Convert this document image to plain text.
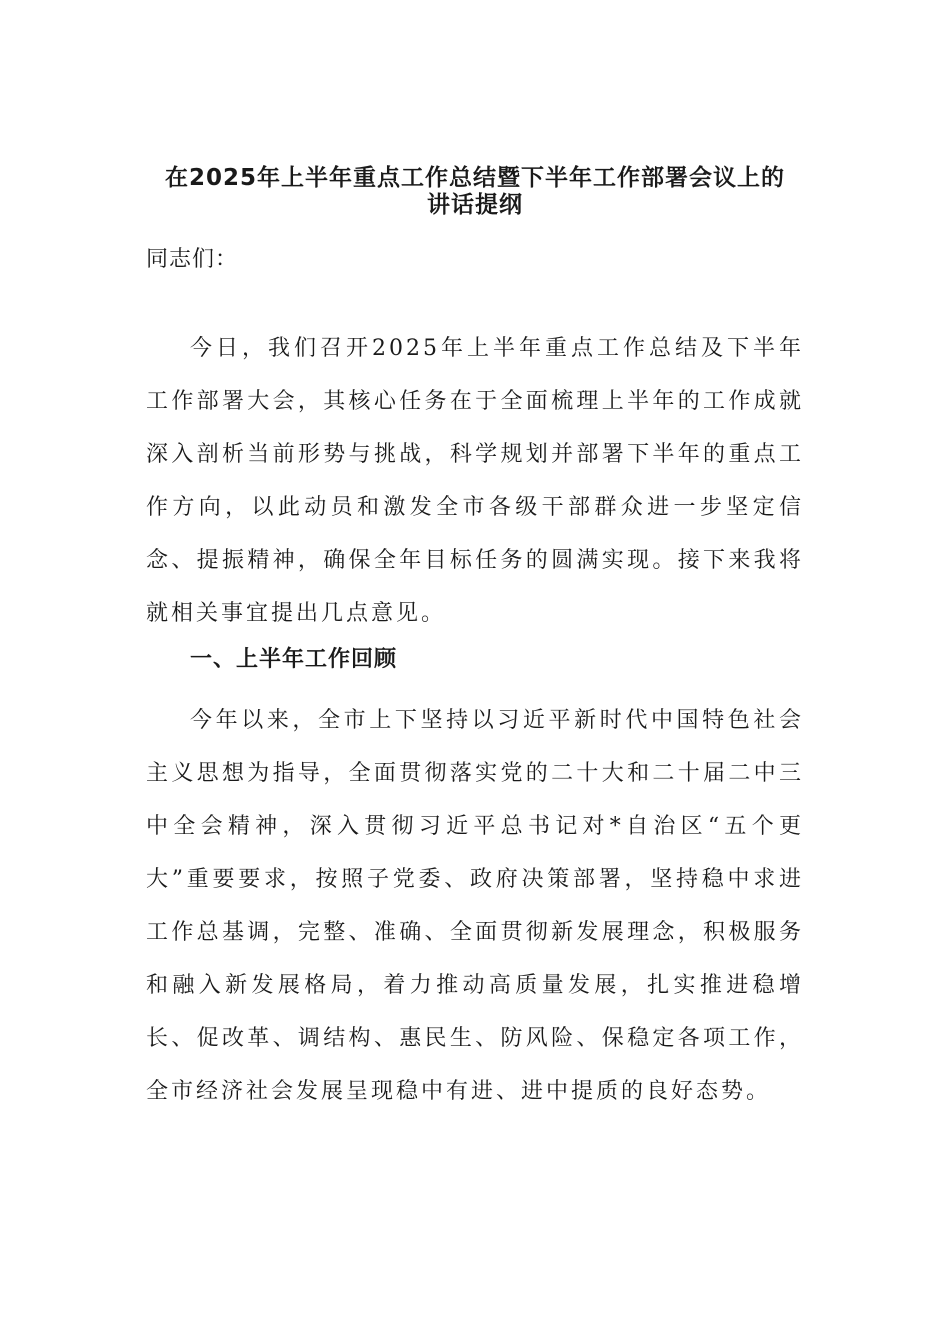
在2025年上半年重点工作总结暨下半年工作部署会议上的
讲话提纲
同志们：

今日，我们召开2025年上半年重点工作总结及下半年工作部署大会，其核心任务在于全面梳理上半年的工作成就深入剖析当前形势与挑战，科学规划并部署下半年的重点工作方向，以此动员和激发全市各级干部群众进一步坚定信念、提振精神，确保全年目标任务的圆满实现。接下来我将就相关事宜提出几点意见。

一、上半年工作回顾

今年以来，全市上下坚持以习近平新时代中国特色社会主义思想为指导，全面贯彻落实党的二十大和二十届二中三中全会精神，深入贯彻习近平总书记对*自治区“五个更大”重要要求，按照子党委、政府决策部署，坚持稳中求进工作总基调，完整、准确、全面贯彻新发展理念，积极服务和融入新发展格局，着力推动高质量发展，扎实推进稳增长、促改革、调结构、惠民生、防风险、保稳定各项工作，全市经济社会发展呈现稳中有进、进中提质的良好态势。
